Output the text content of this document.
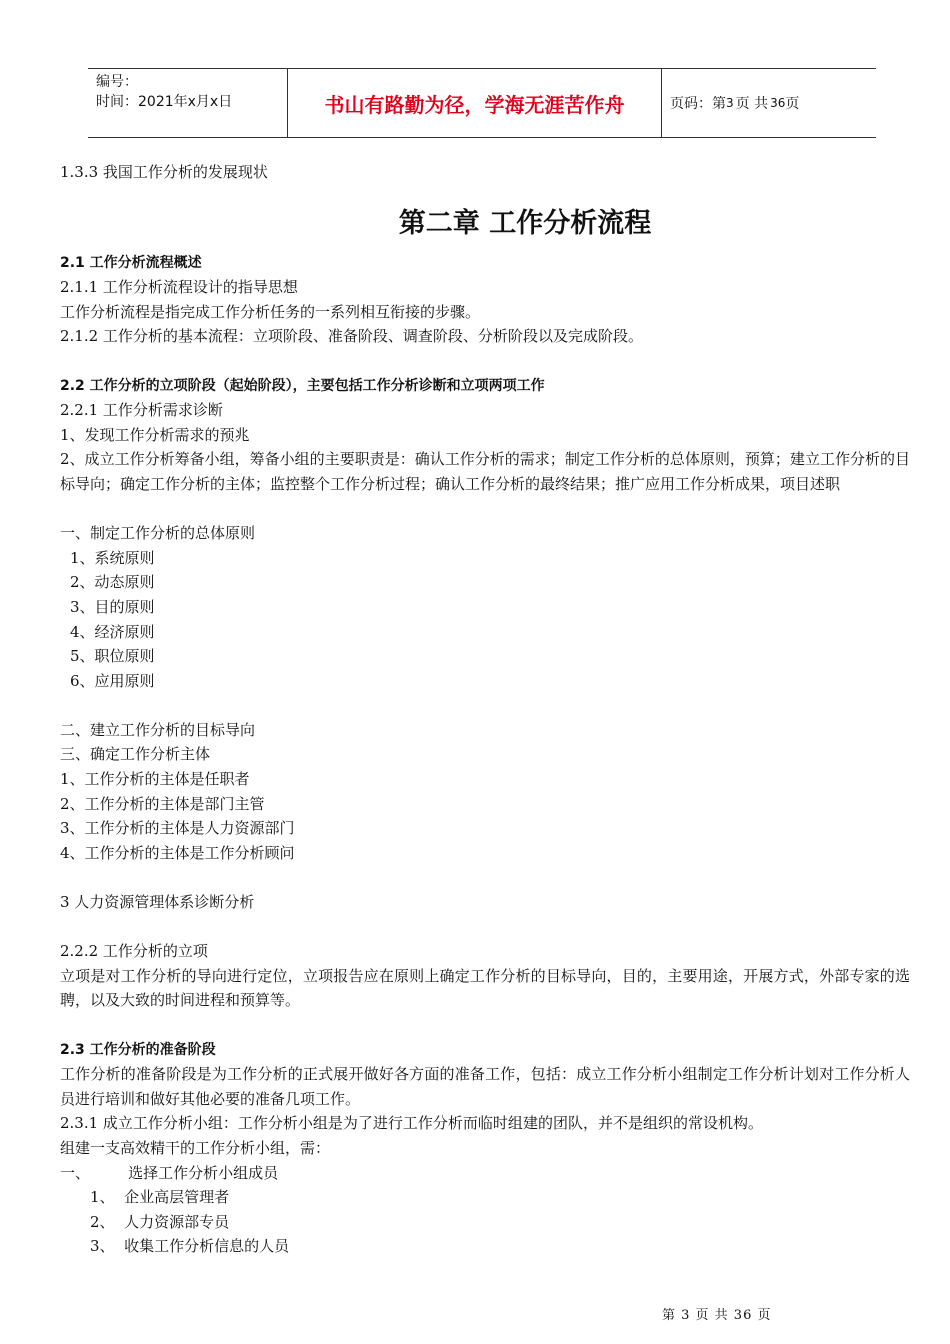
编号：
时间：2021年x月x日	书山有路勤为径，学海无涯苦作舟	页码：第 3 页 共 36 页

1.3.3 我国工作分析的发展现状

第二章 工作分析流程

2.1 工作分析流程概述

2.1.1 工作分析流程设计的指导思想

工作分析流程是指完成工作分析任务的一系列相互衔接的步骤。

2.1.2 工作分析的基本流程：立项阶段、准备阶段、调查阶段、分析阶段以及完成阶段。

2.2 工作分析的立项阶段（起始阶段），主要包括工作分析诊断和立项两项工作

2.2.1 工作分析需求诊断

1、发现工作分析需求的预兆

2、成立工作分析筹备小组，筹备小组的主要职责是：确认工作分析的需求；制定工作分析的总体原则，预算；建立工作分析的目标导向；确定工作分析的主体；监控整个工作分析过程；确认工作分析的最终结果；推广应用工作分析成果，项目述职

一、制定工作分析的总体原则

1、系统原则

2、动态原则

3、目的原则

4、经济原则

5、职位原则

6、应用原则

二、建立工作分析的目标导向

三、确定工作分析主体

1、工作分析的主体是任职者

2、工作分析的主体是部门主管

3、工作分析的主体是人力资源部门

4、工作分析的主体是工作分析顾问

3 人力资源管理体系诊断分析

2.2.2 工作分析的立项

立项是对工作分析的导向进行定位，立项报告应在原则上确定工作分析的目标导向，目的，主要用途，开展方式，外部专家的选聘，以及大致的时间进程和预算等。

2.3 工作分析的准备阶段

工作分析的准备阶段是为工作分析的正式展开做好各方面的准备工作，包括：成立工作分析小组制定工作分析计划对工作分析人员进行培训和做好其他必要的准备几项工作。

2.3.1 成立工作分析小组：工作分析小组是为了进行工作分析而临时组建的团队，并不是组织的常设机构。

组建一支高效精干的工作分析小组，需：

一、        选择工作分析小组成员

1、  企业高层管理者

2、  人力资源部专员

3、  收集工作分析信息的人员

第 3 页 共 36 页
